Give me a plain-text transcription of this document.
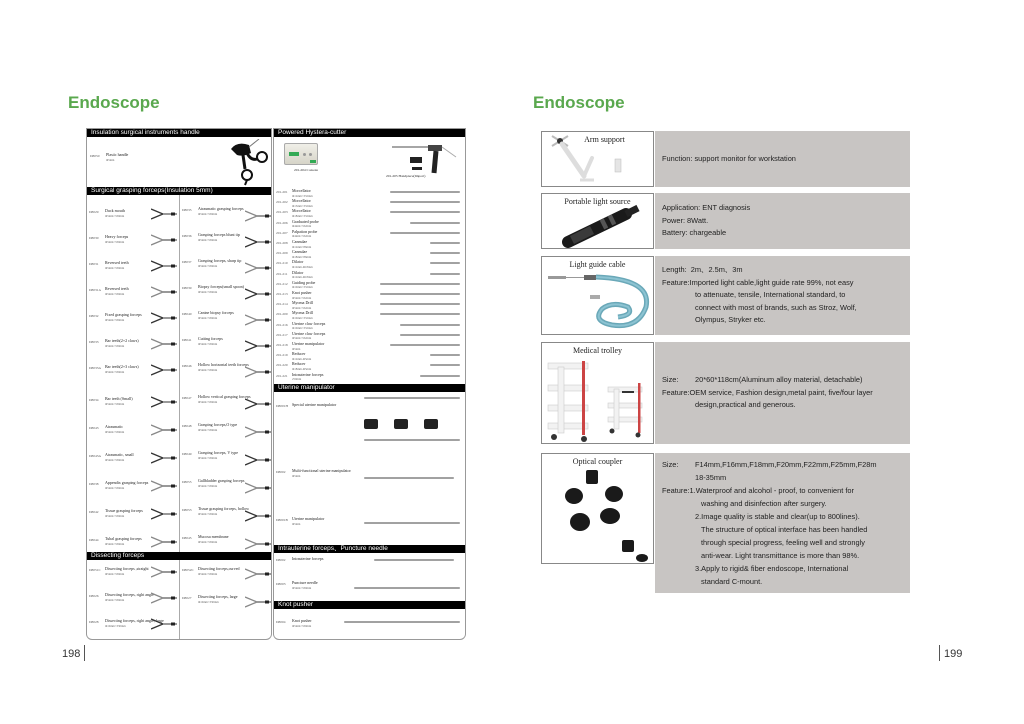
Endoscope
Insulation surgical instruments handle
D8050	Plastic handle
Φ5mm
Surgical grasping forceps(Insulation 5mm)
Dissecting forceps
D8029	Duck mouth
Φ5mm×330mm
D8030	Heavy forceps
Φ5mm×330mm
D8031	Reversed teeth
Φ5mm×330mm
D8031A Reversed teeth
Φ5mm×330mm
D8032	Fixed grasping forceps
Φ5mm×330mm
D8033	Bar teeth(2+2 claws)
Φ5mm×330mm
D8033A Bar teeth(2+3 claws)
Φ5mm×330mm
D8035	Atraumatic grasping forceps
Φ5mm×330mm
D8036	Grasping forceps blunt tip
Φ5mm×330mm
D8037	Grasping forceps, sharp tip
Φ5mm×330mm
D8039	Biopsy forceps(small spoon)
Φ5mm×330mm
D8040	Canine biopsy forceps
Φ5mm×330mm
D8041	Cutting forceps
Φ5mm×330mm
D8046	Hollow horizontal teeth forceps
Φ5mm×330mm
D8034	Bar teeth (Small)
Φ5mm×330mm
D8043	Atraumatic
Φ5mm×330mm
D8043A Atraumatic, small
Φ5mm×330mm
D8038	Appendix grasping forceps
Φ5mm×330mm
D8042	Tissue grasping forceps
Φ5mm×330mm
D8044	Tubal grasping forceps
Φ5mm×330mm
D8047	Hollow vertical grasping forceps
Φ5mm×330mm
D8048	Grasping forceps,O type
Φ5mm×330mm
D8049	Grasping forceps, V type
Φ5mm×330mm
D8055	Gallbladder grasping forceps
Φ5mm×330mm
D8053	Tissue grasping forceps, hollow
Φ5mm×330mm
D8045	Mucosa membrane
Φ5mm×330mm
D8051C	Dissecting forceps ,straight
Φ5mm×330mm
D8026	Dissecting forceps, right angle
Φ5mm×330mm
D8028	Dissecting forceps, right angle, large
Φ10mm×330mm
D8052C	Dissecting forceps,curved
Φ5mm×330mm
D8027	Dissecting forceps, large
Φ10mm×330mm
Powered Hystera-cutter
201-204 Console
201-205 Handpiece(Import)
Uterine manipulator
Intrauterine forceps、Puncture needle
Knot pusher
201-201	Morcellator
Φ12mm×332mm
201-202	Morcellator
Φ15mm×332mm
201-203	Morcellator
Φ18mm×332mm
201-206	Graduated probe
Φ4mm×332mm
201-207	Palpation probe
Φ4mm×332mm
201-208	Cannulae
Φ12mm×86mm
201-209	Cannulae
Φ18mm×86mm
201-210	Dilator
Φ12mm-Φ18mm
201-211	Dilator
Φ12mm-Φ18mm
201-212	Guiding probe
Φ10mm×332mm
201-213	Knot pusher
Φ5mm×332mm
201-214	Myoma Drill
Φ5mm×332mm
201-200	Myoma Drill
Φ10mm×332mm
201-216	Uterine claw forceps
Φ10mm×332mm
201-217	Uterine claw forceps
Φ5mm×332mm
201-218	Uterine manipulator
Φ5mm
201-219	Reducer
Φ12mm-Φ5mm
201-220	Reducer
Φ18mm-Φ5mm
201-221	Intrauterine forceps
250mm
D8001H Special uterine manipulator
D8002	Multi-functional uterine manipulator
Φ5mm
D8001B	Uterine manipulator
Φ5mm
D8002	Intrauterine forceps
D8003	Puncture needle
Φ5mm×330mm
D8004	Knot pusher
Φ5mm×330mm
198
Endoscope
Arm support
Function: support monitor for workstation
Portable light source
Application: ENT diagnosis
Power: 8Watt.
Battery: chargeable
Light guide cable
Length: 2m、2.5m、3m
Feature:Imported light cable,light guide rate 99%, not easy
to attenuate, tensile, International standard, to
connect with most of brands, such as Stroz, Wolf,
Olympus, Stryker etc.
Medical trolley
Size: 20*60*118cm(Aluminum alloy material, detachable)
Feature:OEM service, Fashion design,metal paint, five/four layer
design,practical and generous.
Optical coupler	Size: F14mm,F16mm,F18mm,F20mm,F22mm,F25mm,F28m
18-35mm
Feature:1.Waterproof and alcohol - proof, to convenient for
washing and disinfection after surgery.
2.Image quality is stable and clear(up to 800lines).
The structure of optical interface has been handled
through special progress, feeling well and strongly
anti-wear. Light transmittance is more than 98%.
3.Apply to rigid& fiber endoscope, International
standard C-mount.
199
